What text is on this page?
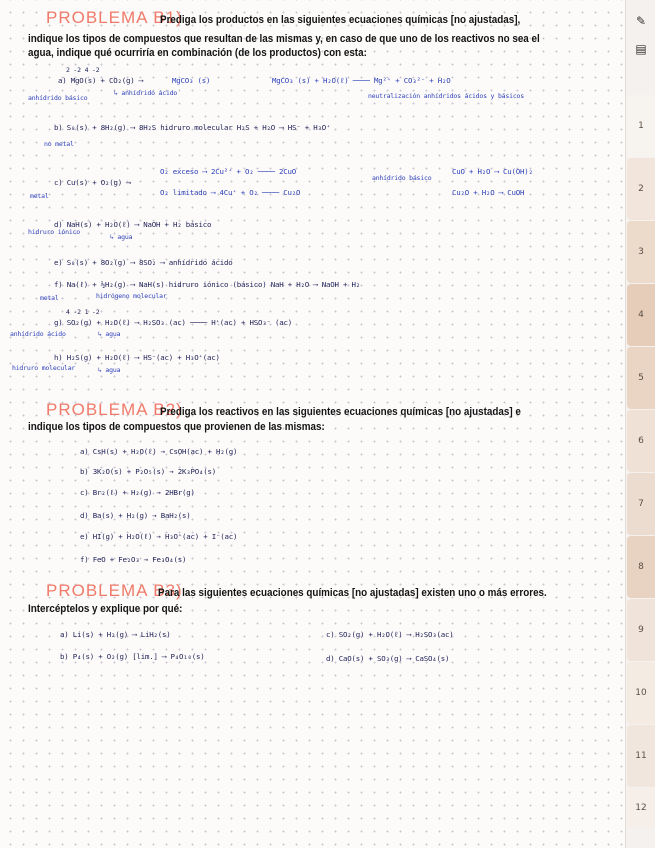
PROBLEMA B1)
Prediga los productos en las siguientes ecuaciones químicas [no ajustadas],
indique los tipos de compuestos que resultan de las mismas y, en caso de que uno de los reactivos no sea el
agua, indique qué ocurriría en combinación (de los productos) con esta:
2 -2 4 -2
a) MgO(s) + CO₂(g) ⟶	MgCO₃ (s)
anhídrido básico
↳ anhídrido ácido
MgCO₃ (s) + H₂O(ℓ) ──── Mg²⁺ + CO₃²⁻ + H₂O
neutralización anhídridos ácidos y básicos
b) S₈(s) + 8H₂(g) ⟶ 8H₂S hidruro molecular H₂S + H₂O ⟶ HS⁻ + H₃O⁺
no metal
c) Cu(s) + O₂(g) ⟶
metal
O₂ exceso ⟶ 2Cu²⁺ + O₂ ──── 2CuO
O₂ limitado ⟶ 4Cu⁺ + O₂ ──── Cu₂O
anhídrido básico
CuO + H₂O ⟶ Cu(OH)₂
Cu₂O + H₂O ⟶ CuOH
d) NaH(s) + H₂O(ℓ) ⟶ NaOH + H₂ básico
hidruro iónico
↳ agua
e) S₈(s) + 8O₂(g) ⟶ 8SO₂ ⟶ anhídrido ácido
f) Na(ℓ) + ½H₂(g) ⟶ NaH(s) hidruro iónico (básico) NaH + H₂O ⟶ NaOH + H₂
metal	hidrógeno molecular
4 -2 1 -2
g) SO₂(g) + H₂O(ℓ) ⟶ H₂SO₃ (ac) ──── H⁺(ac) + HSO₃⁻ (ac)
anhídrido ácido	↳ agua
h) H₂S(g) + H₂O(ℓ) ⟶ HS⁻(ac) + H₃O⁺(ac)
hidruro molecular	↳ agua
PROBLEMA B2)
Prediga los reactivos en las siguientes ecuaciones químicas [no ajustadas] e
indique los tipos de compuestos que provienen de las mismas:
a) CsH(s) + H₂O(ℓ) → CsOH(ac) + H₂(g)
b) 3K₂O(s) + P₂O₅(s) → 2K₃PO₄(s)
c) Br₂(ℓ) + H₂(g) → 2HBr(g)
d) Ba(s) + H₂(g) → BaH₂(s)
e) HI(g) + H₂O(ℓ) → H₃O⁺(ac) + I⁻(ac)
f) FeO + Fe₂O₃ → Fe₃O₄(s)
PROBLEMA B3)
Para las siguientes ecuaciones químicas [no ajustadas] existen uno o más errores.
Intercéptelos y explique por qué:
a) Li(s) + H₂(g) ⟶ LiH₂(s)
b) P₄(s) + O₂(g) [lim.] ⟶ P₄O₁₀(s)
c) SO₂(g) + H₂O(ℓ) ⟶ H₂SO₃(ac)
d) CaO(s) + SO₃(g) ⟶ CaSO₄(s)
✎
▤
1
2
3
4
5
6
7
8
9
10
11
12
